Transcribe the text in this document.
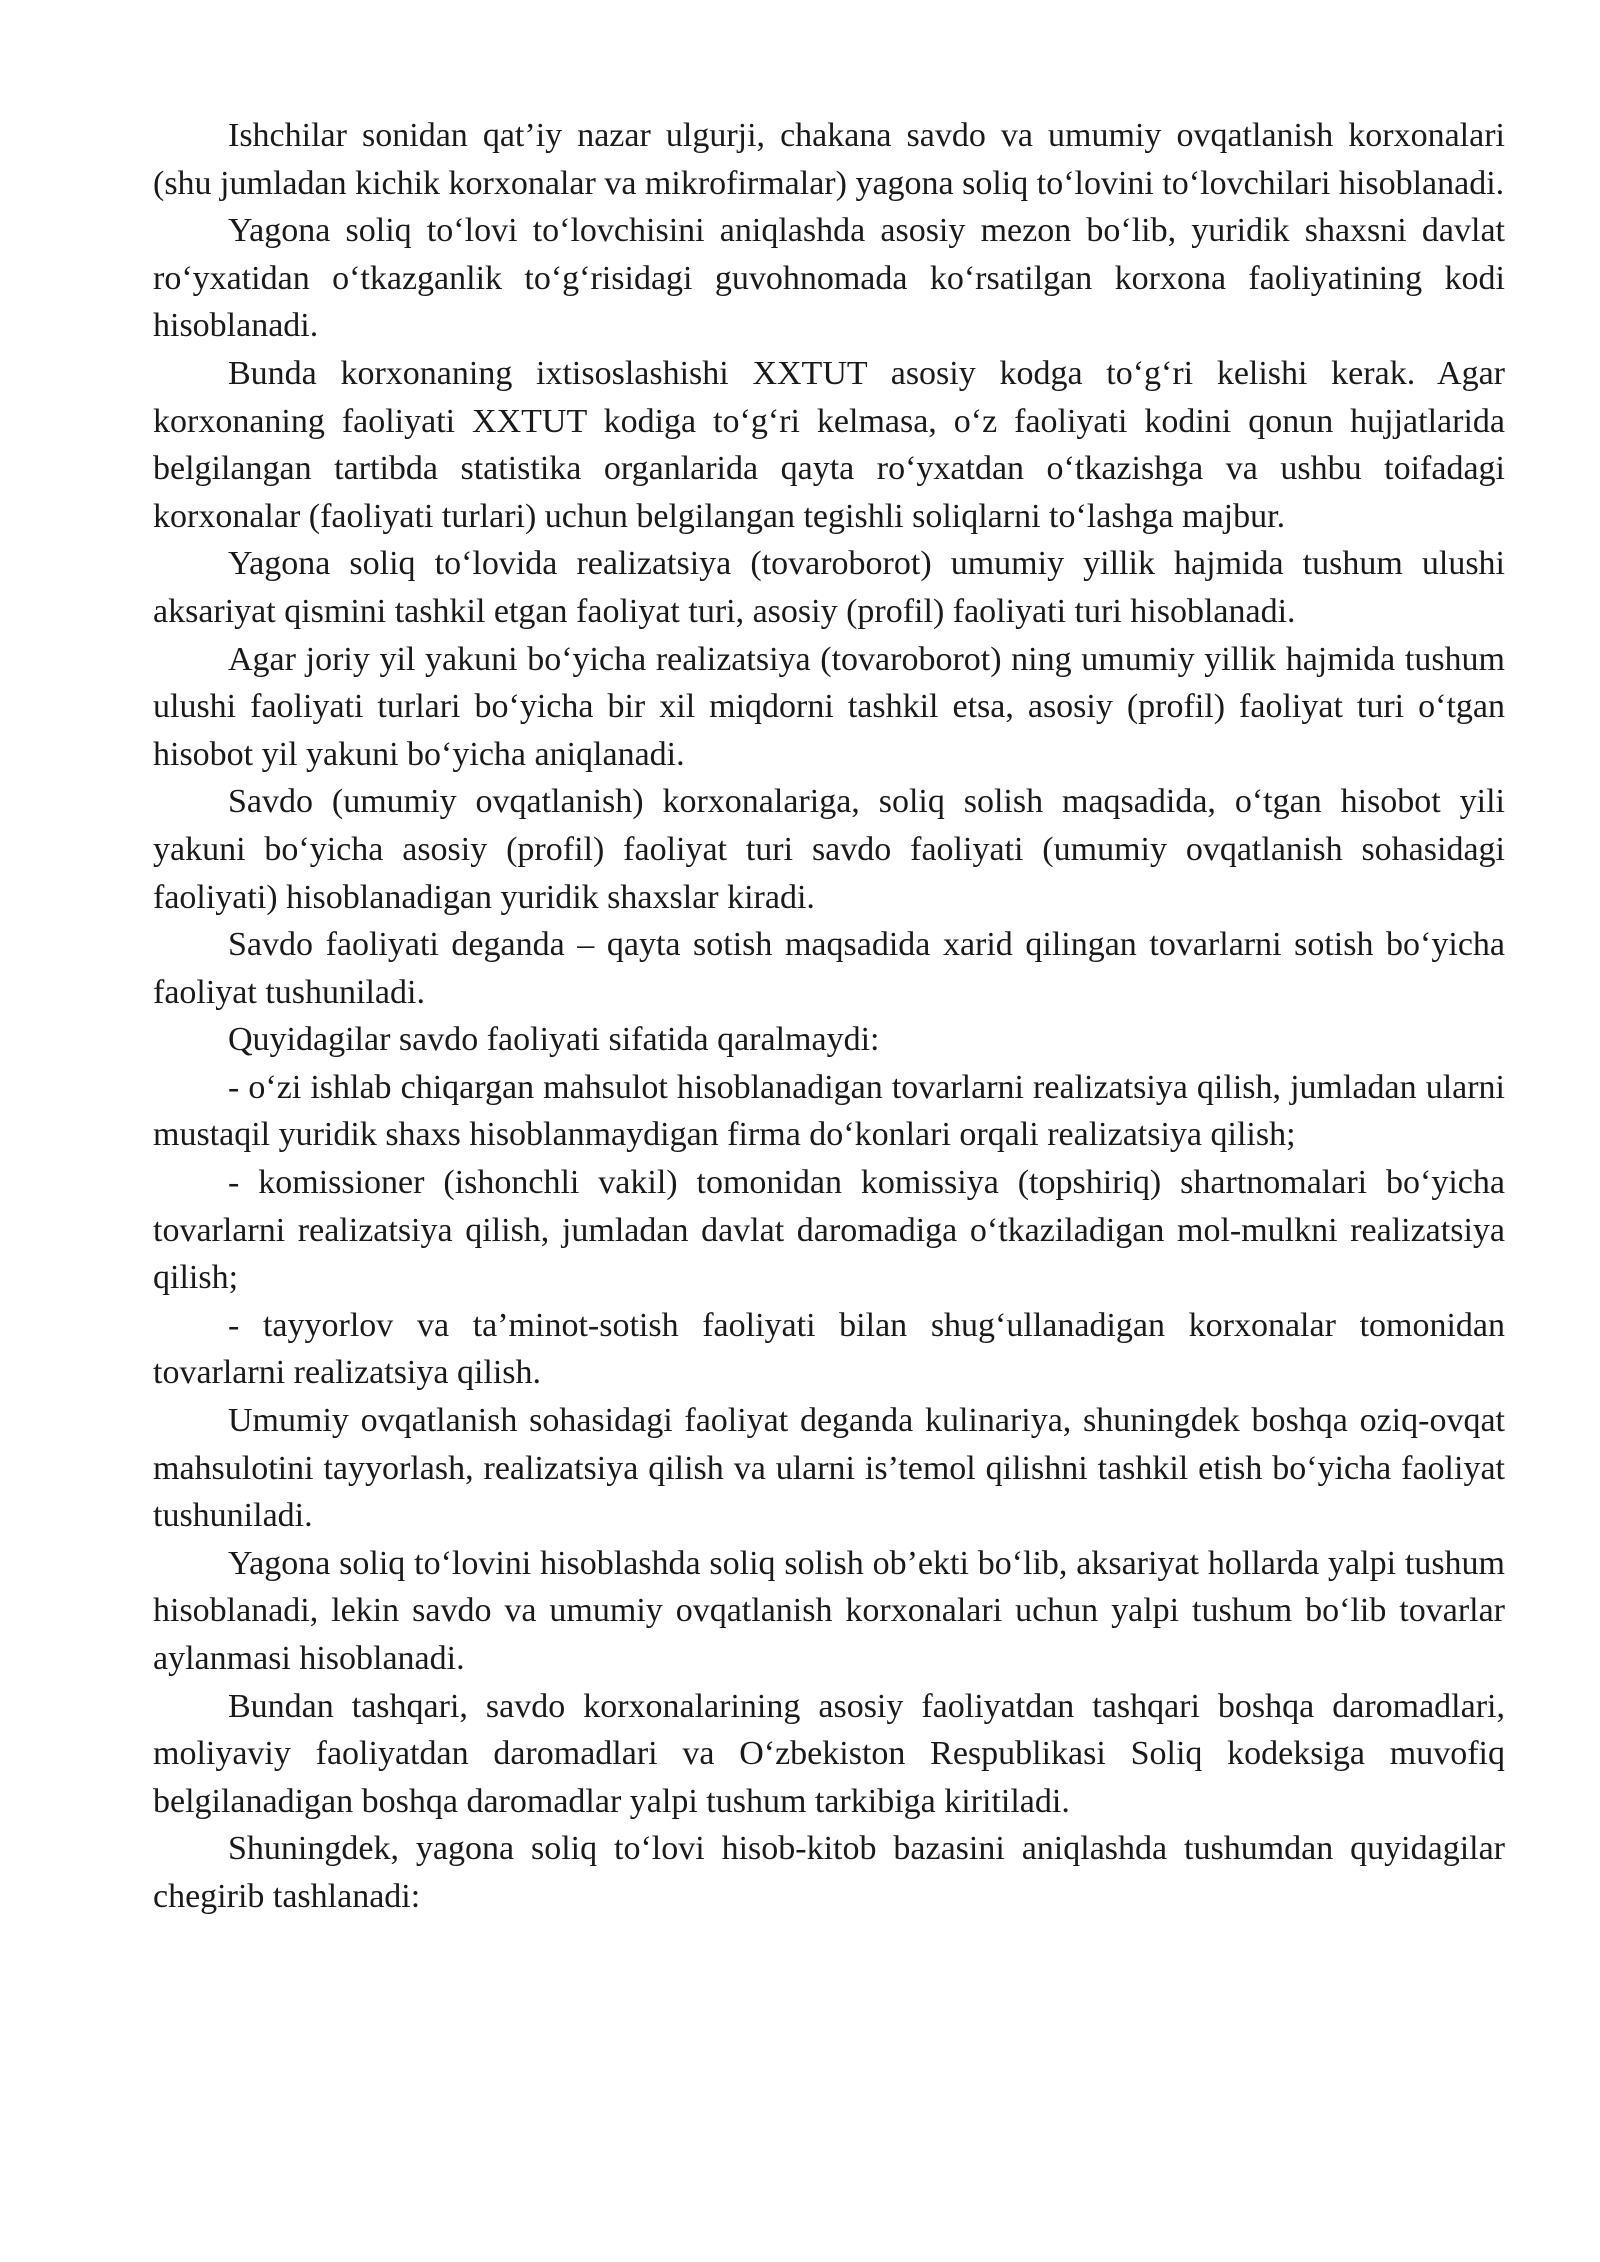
Ishchilar sonidan qat’iy nazar ulgurji, chakana savdo va umumiy ovqatlanish korxonalari (shu jumladan kichik korxonalar va mikrofirmalar) yagona soliq to‘lovini to‘lovchilari hisoblanadi.

Yagona soliq to‘lovi to‘lovchisini aniqlashda asosiy mezon bo‘lib, yuridik shaxsni davlat ro‘yxatidan o‘tkazganlik to‘g‘risidagi guvohnomada ko‘rsatilgan korxona faoliyatining kodi hisoblanadi.

Bunda korxonaning ixtisoslashishi XXTUT asosiy kodga to‘g‘ri kelishi kerak. Agar korxonaning faoliyati XXTUT kodiga to‘g‘ri kelmasa, o‘z faoliyati kodini qonun hujjatlarida belgilangan tartibda statistika organlarida qayta ro‘yxatdan o‘tkazishga va ushbu toifadagi korxonalar (faoliyati turlari) uchun belgilangan tegishli soliqlarni to‘lashga majbur.

Yagona soliq to‘lovida realizatsiya (tovaroborot) umumiy yillik hajmida tushum ulushi aksariyat qismini tashkil etgan faoliyat turi, asosiy (profil) faoliyati turi hisoblanadi.

Agar joriy yil yakuni bo‘yicha realizatsiya (tovaroborot) ning umumiy yillik hajmida tushum ulushi faoliyati turlari bo‘yicha bir xil miqdorni tashkil etsa, asosiy (profil) faoliyat turi o‘tgan hisobot yil yakuni bo‘yicha aniqlanadi.

Savdo (umumiy ovqatlanish) korxonalariga, soliq solish maqsadida, o‘tgan hisobot yili yakuni bo‘yicha asosiy (profil) faoliyat turi savdo faoliyati (umumiy ovqatlanish sohasidagi faoliyati) hisoblanadigan yuridik shaxslar kiradi.

Savdo faoliyati deganda – qayta sotish maqsadida xarid qilingan tovarlarni sotish bo‘yicha faoliyat tushuniladi.

Quyidagilar savdo faoliyati sifatida qaralmaydi:

- o‘zi ishlab chiqargan mahsulot hisoblanadigan tovarlarni realizatsiya qilish, jumladan ularni mustaqil yuridik shaxs hisoblanmaydigan firma do‘konlari orqali realizatsiya qilish;

- komissioner (ishonchli vakil) tomonidan komissiya (topshiriq) shartnomalari bo‘yicha tovarlarni realizatsiya qilish, jumladan davlat daromadiga o‘tkaziladigan mol-mulkni realizatsiya qilish;

- tayyorlov va ta’minot-sotish faoliyati bilan shug‘ullanadigan korxonalar tomonidan tovarlarni realizatsiya qilish.

Umumiy ovqatlanish sohasidagi faoliyat deganda kulinariya, shuningdek boshqa oziq-ovqat mahsulotini tayyorlash, realizatsiya qilish va ularni is’temol qilishni tashkil etish bo‘yicha faoliyat tushuniladi.

Yagona soliq to‘lovini hisoblashda soliq solish ob’ekti bo‘lib, aksariyat hollarda yalpi tushum hisoblanadi, lekin savdo va umumiy ovqatlanish korxonalari uchun yalpi tushum bo‘lib tovarlar aylanmasi hisoblanadi.

Bundan tashqari, savdo korxonalarining asosiy faoliyatdan tashqari boshqa daromadlari, moliyaviy faoliyatdan daromadlari va O‘zbekiston Respublikasi Soliq kodeksiga muvofiq belgilanadigan boshqa daromadlar yalpi tushum tarkibiga kiritiladi.

Shuningdek, yagona soliq to‘lovi hisob-kitob bazasini aniqlashda tushumdan quyidagilar chegirib tashlanadi:
